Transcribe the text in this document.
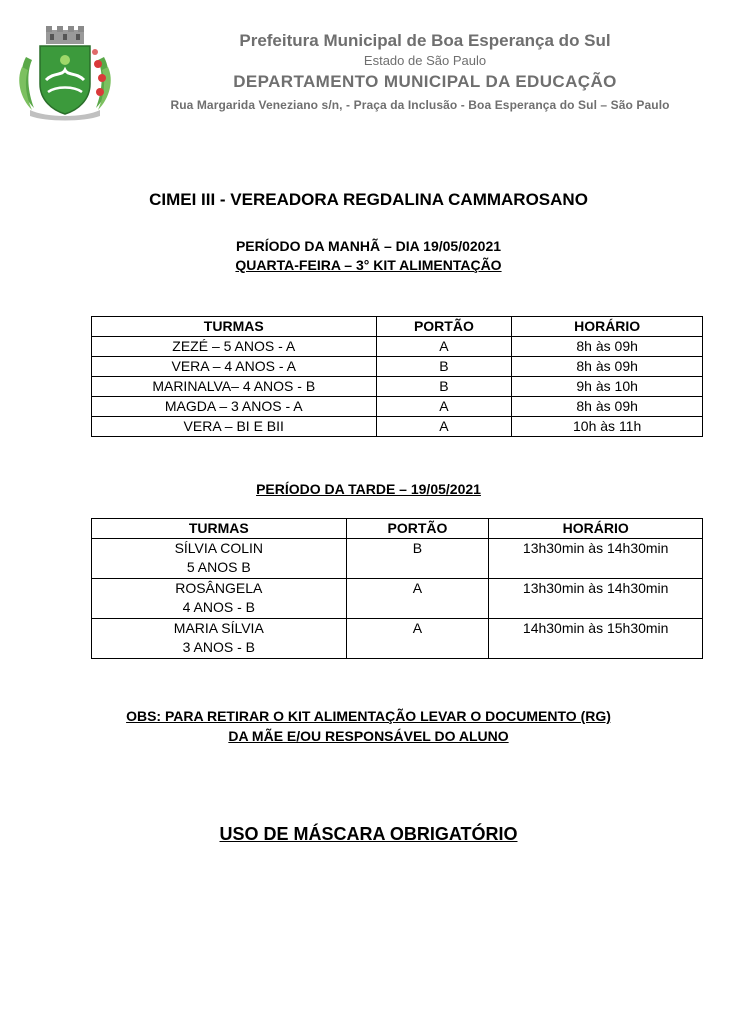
Prefeitura Municipal de Boa Esperança do Sul
Estado de São Paulo
DEPARTAMENTO MUNICIPAL DA EDUCAÇÃO
Rua Margarida Veneziano s/n, - Praça da Inclusão - Boa Esperança do Sul – São Paulo
CIMEI III - VEREADORA REGDALINA CAMMAROSANO
PERÍODO DA MANHÃ – DIA 19/05/02021
QUARTA-FEIRA – 3° KIT ALIMENTAÇÃO
TURMAS	PORTÃO	HORÁRIO
ZEZÉ – 5 ANOS - A	A	8h às 09h
VERA – 4 ANOS - A	B	8h às 09h
MARINALVA– 4 ANOS - B	B	9h às 10h
MAGDA – 3 ANOS - A	A	8h às 09h
VERA – BI E BII	A	10h às 11h
PERÍODO DA TARDE – 19/05/2021
TURMAS	PORTÃO	HORÁRIO

SÍLVIA COLIN
5 ANOS B	B	13h30min às 14h30min

ROSÂNGELA
4 ANOS - B	A	13h30min às 14h30min

MARIA SÍLVIA
3 ANOS - B	A	14h30min às 15h30min
OBS: PARA RETIRAR O KIT ALIMENTAÇÃO LEVAR O DOCUMENTO (RG)
DA MÃE E/OU RESPONSÁVEL DO ALUNO
USO DE MÁSCARA OBRIGATÓRIO
